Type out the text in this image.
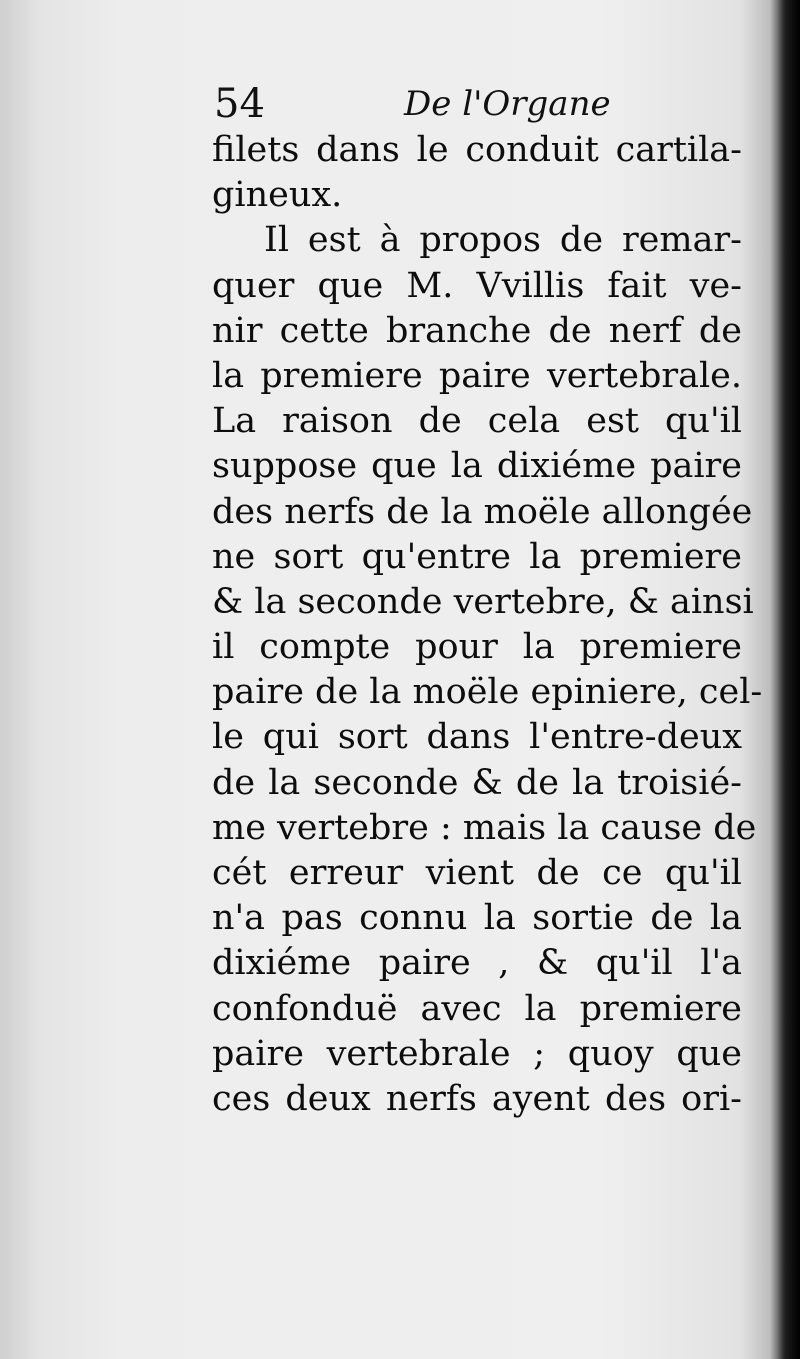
54	De l'Organe
filets dans le conduit cartila-
gineux.
Il est à propos de remar-
quer que M. Vvillis fait ve-
nir cette branche de nerf de
la premiere paire vertebrale.
La raison de cela est qu'il
suppose que la dixiéme paire
des nerfs de la moële allongée
ne sort qu'entre la premiere
& la seconde vertebre, & ainsi
il compte pour la premiere
paire de la moële epiniere, cel-
le qui sort dans l'entre-deux
de la seconde & de la troisié-
me vertebre : mais la cause de
cét erreur vient de ce qu'il
n'a pas connu la sortie de la
dixiéme paire , & qu'il l'a
confonduë avec la premiere
paire vertebrale ; quoy que
ces deux nerfs ayent des ori-
